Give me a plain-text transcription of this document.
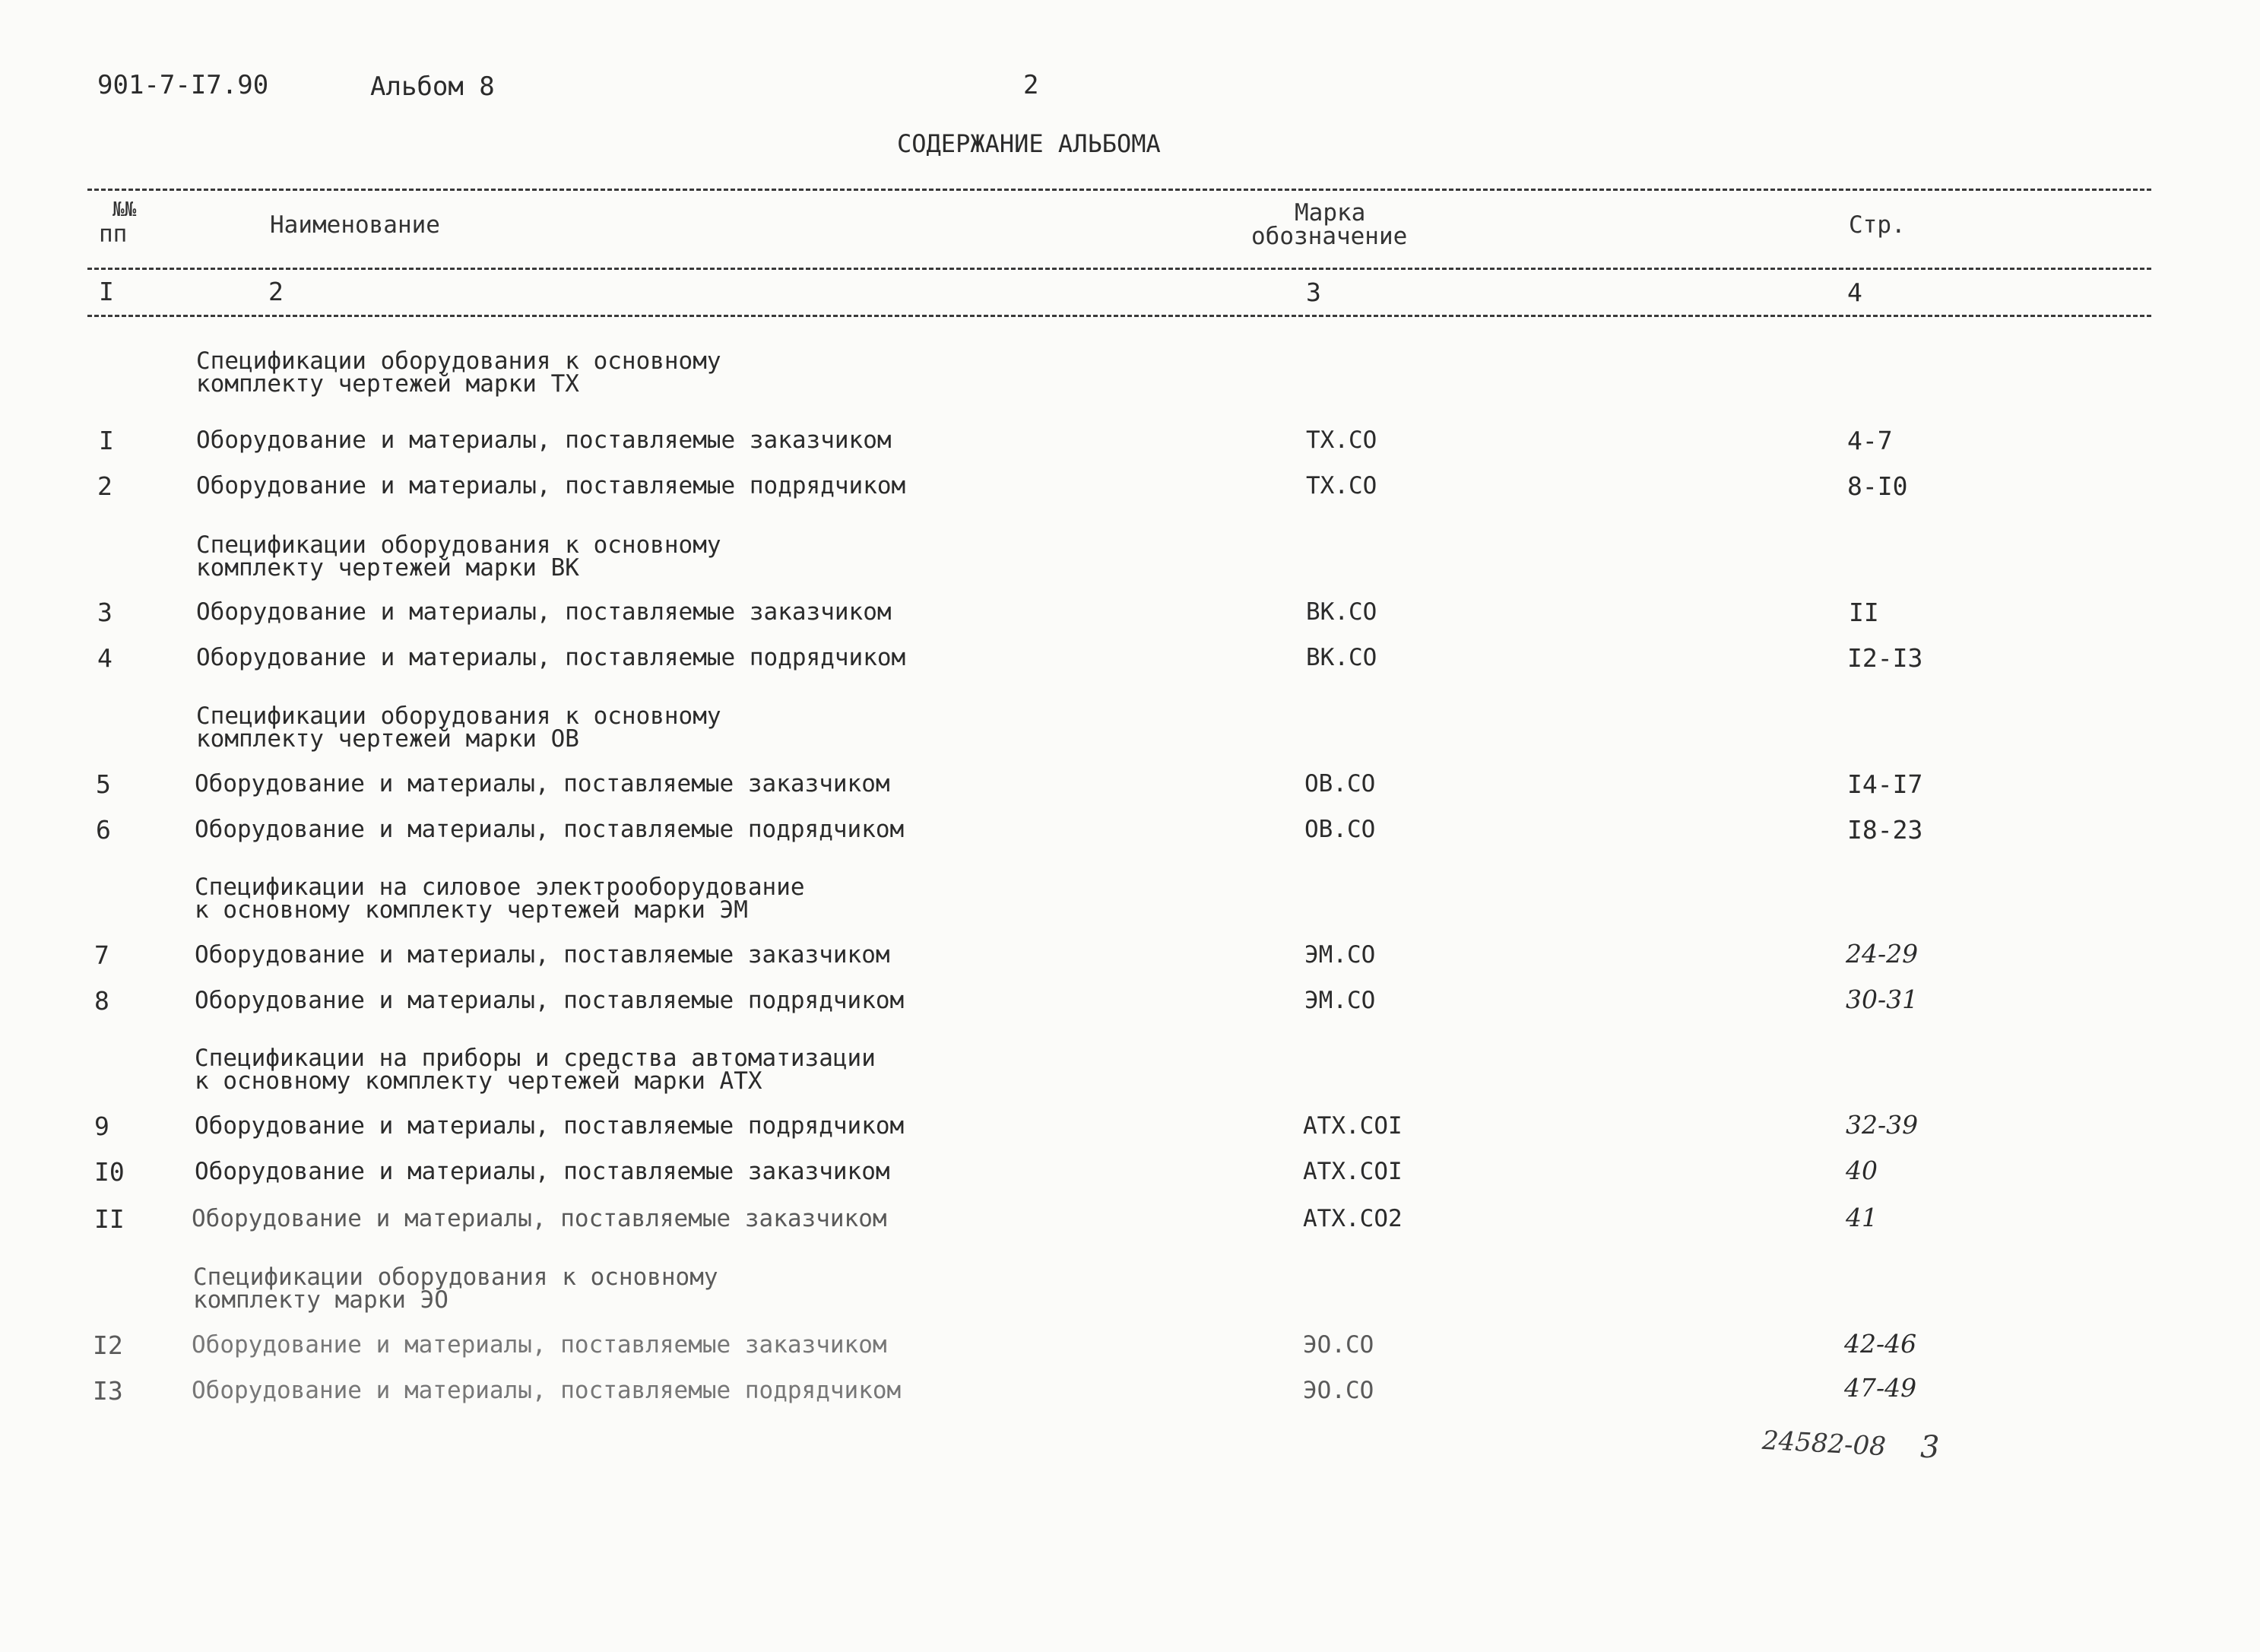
901-7-I7.90	Альбом 8	2
СОДЕРЖАНИЕ АЛЬБОМА
№№
пп	Наименование	Марка
обозначение	Стр.
I	2	3	4
Спецификации оборудования к основному
комплекту чертежей марки ТХ
I	Оборудование и материалы, поставляемые заказчиком	ТХ.СО	4-7
2	Оборудование и материалы, поставляемые подрядчиком	ТХ.СО	8-I0
Спецификации оборудования к основному
комплекту чертежей марки ВК
3	Оборудование и материалы, поставляемые заказчиком	ВК.СО	II
4	Оборудование и материалы, поставляемые подрядчиком	ВК.СО	I2-I3
Спецификации оборудования к основному
комплекту чертежей марки ОВ
5	Оборудование и материалы, поставляемые заказчиком	ОВ.СО	I4-I7
6	Оборудование и материалы, поставляемые подрядчиком	ОВ.СО	I8-23
Спецификации на силовое электрооборудование
к основному комплекту чертежей марки ЭМ
7	Оборудование и материалы, поставляемые заказчиком	ЭМ.СО	24-29
8	Оборудование и материалы, поставляемые подрядчиком	ЭМ.СО	30-31
Спецификации на приборы и средства автоматизации
к основному комплекту чертежей марки АТХ
9	Оборудование и материалы, поставляемые подрядчиком	АТХ.СОI	32-39
I0	Оборудование и материалы, поставляемые заказчиком	АТХ.СОI	40
II	Оборудование и материалы, поставляемые заказчиком	АТХ.СО2	41
Спецификации оборудования к основному
комплекту марки ЭО
I2	Оборудование и материалы, поставляемые заказчиком	ЭО.СО	42-46
I3	Оборудование и материалы, поставляемые подрядчиком	ЭО.СО	47-49
24582-08 3
